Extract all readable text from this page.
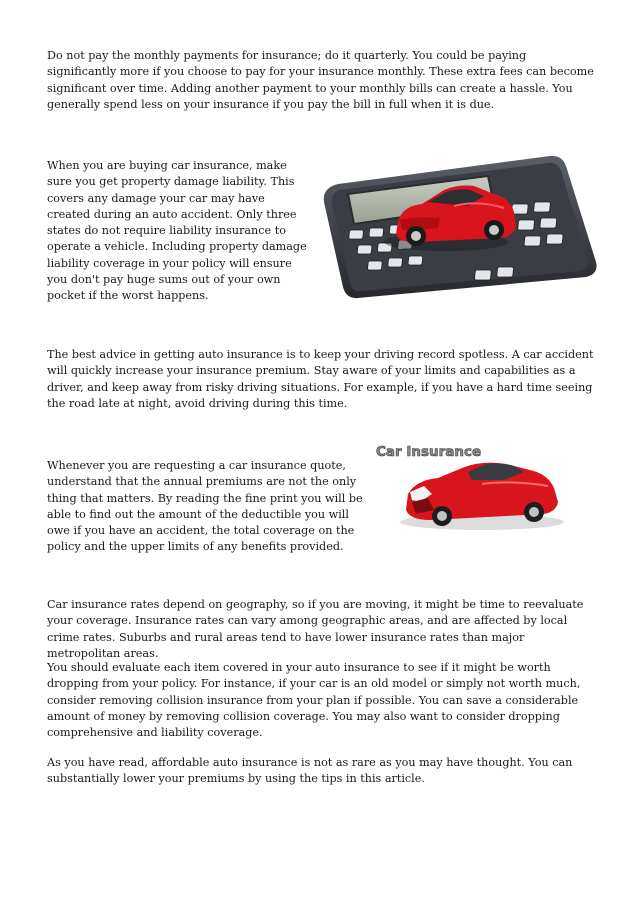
Do not pay the monthly payments for insurance; do it quarterly. You could be paying significantly more if you choose to pay for your insurance monthly. These extra fees can become significant over time. Adding another payment to your monthly bills can create a hassle. You generally spend less on your insurance if you pay the bill in full when it is due.

When you are buying car insurance, make sure you get property damage liability. This covers any damage your car may have created during an auto accident. Only three states do not require liability insurance to operate a vehicle. Including property damage liability coverage in your policy will ensure you don't pay huge sums out of your own pocket if the worst happens.

The best advice in getting auto insurance is to keep your driving record spotless. A car accident will quickly increase your insurance premium. Stay aware of your limits and capabilities as a driver, and keep away from risky driving situations. For example, if you have a hard time seeing the road late at night, avoid driving during this time.

Whenever you are requesting a car insurance quote, understand that the annual premiums are not the only thing that matters. By reading the fine print you will be able to find out the amount of the deductible you will owe if you have an accident, the total coverage on the policy and the upper limits of any benefits provided.

Car Insurance

Car insurance rates depend on geography, so if you are moving, it might be time to reevaluate your coverage. Insurance rates can vary among geographic areas, and are affected by local crime rates. Suburbs and rural areas tend to have lower insurance rates than major metropolitan areas.

You should evaluate each item covered in your auto insurance to see if it might be worth dropping from your policy. For instance, if your car is an old model or simply not worth much, consider removing collision insurance from your plan if possible. You can save a considerable amount of money by removing collision coverage. You may also want to consider dropping comprehensive and liability coverage.

As you have read, affordable auto insurance is not as rare as you may have thought. You can substantially lower your premiums by using the tips in this article.
